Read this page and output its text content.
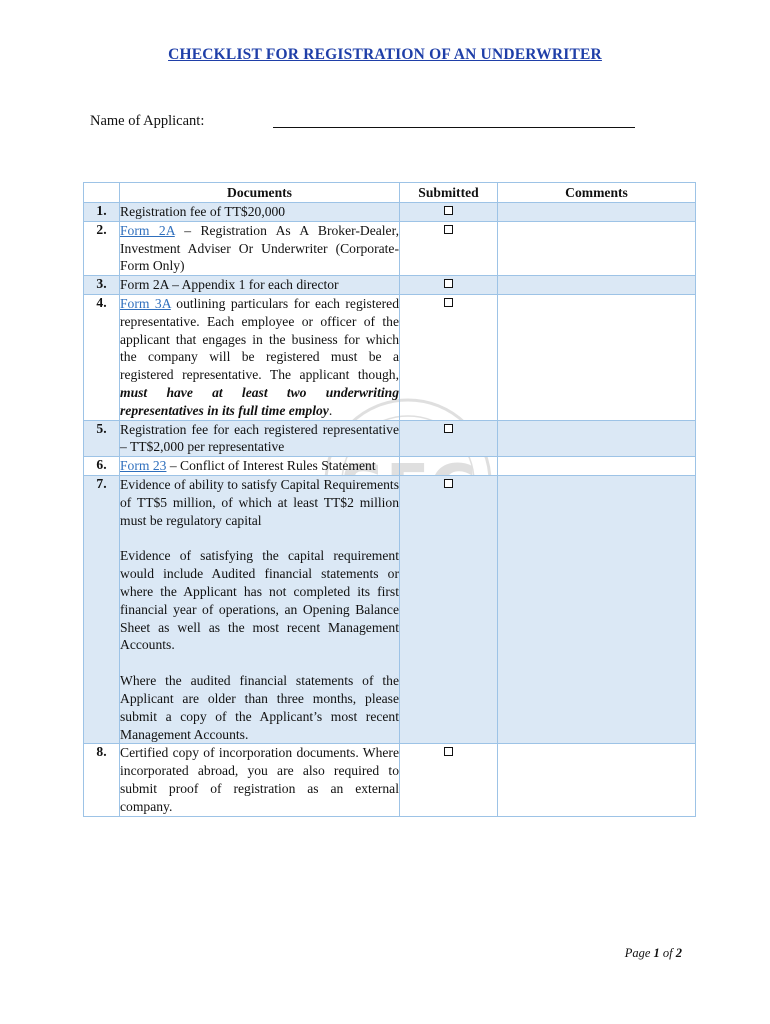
CHECKLIST FOR REGISTRATION OF AN UNDERWRITER
Name of Applicant:
	Documents	Submitted	Comments
1.	Registration fee of TT$20,000		
2.	Form 2A – Registration As A Broker-Dealer, Investment Adviser Or Underwriter (Corporate-Form Only)		
3.	Form 2A – Appendix 1 for each director		
4.	Form 3A outlining particulars for each registered representative. Each employee or officer of the applicant that engages in the business for which the company will be registered must be a registered representative. The applicant though, must have at least two underwriting representatives in its full time employ.		
5.	Registration fee for each registered representative – TT$2,000 per representative		
6.	Form 23 – Conflict of Interest Rules Statement		
7.	Evidence of ability to satisfy Capital Requirements of TT$5 million, of which at least TT$2 million must be regulatory capital
Evidence of satisfying the capital requirement would include Audited financial statements or where the Applicant has not completed its first financial year of operations, an Opening Balance Sheet as well as the most recent Management Accounts.
Where the audited financial statements of the Applicant are older than three months, please submit a copy of the Applicant’s most recent Management Accounts.		

8.	Certified copy of incorporation documents. Where incorporated abroad, you are also required to submit proof of registration as an external company.		
Page 1 of 2
